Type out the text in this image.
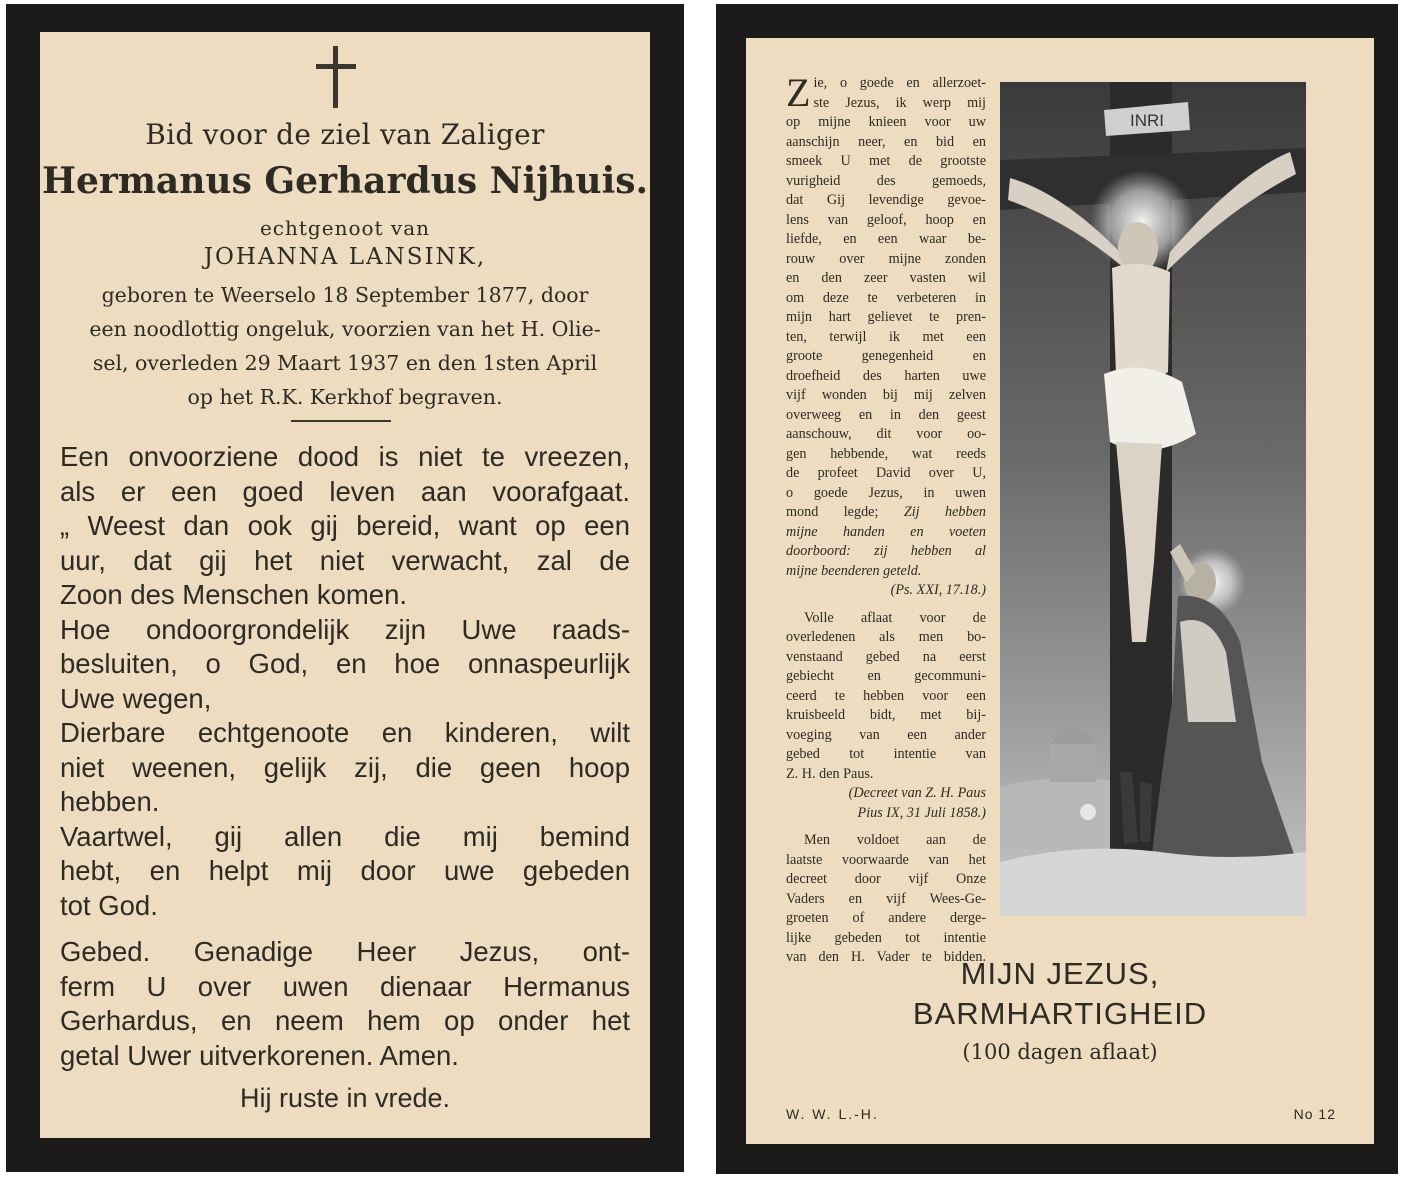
Bid voor de ziel van Zaliger
Hermanus Gerhardus Nijhuis.
echtgenoot van
JOHANNA LANSINK,
geboren te Weerselo 18 September 1877, door
een noodlottig ongeluk, voorzien van het H. Olie-
sel, overleden 29 Maart 1937 en den 1sten April
op het R.K. Kerkhof begraven.
Een onvoorziene dood is niet te vreezen,
als er een goed leven aan voorafgaat.
„ Weest dan ook gij bereid, want op een
uur, dat gij het niet verwacht, zal de
Zoon des Menschen komen.
Hoe ondoorgrondelijk zijn Uwe raads-
besluiten, o God, en hoe onnaspeurlijk
Uwe wegen,
Dierbare echtgenoote en kinderen, wilt
niet weenen, gelijk zij, die geen hoop
hebben.
Vaartwel, gij allen die mij bemind
hebt, en helpt mij door uwe gebeden
tot God.
Gebed. Genadige Heer Jezus, ont-
ferm U over uwen dienaar Hermanus
Gerhardus, en neem hem op onder het
getal Uwer uitverkorenen. Amen.
Hij ruste in vrede.
Z ie, o goede en allerzoet-
ste Jezus, ik werp mij
op mijne knieen voor uw
aanschijn neer, en bid en
smeek U met de grootste
vurigheid des gemoeds,
dat Gij levendige gevoe-
lens van geloof, hoop en
liefde, en een waar be-
rouw over mijne zonden
en den zeer vasten wil
om deze te verbeteren in
mijn hart gelievet te pren-
ten, terwijl ik met een
groote genegenheid en
droefheid des harten uwe
vijf wonden bij mij zelven
overweeg en in den geest
aanschouw, dit voor oo-
gen hebbende, wat reeds
de profeet David over U,
o goede Jezus, in uwen
mond legde; Zij hebben
mijne handen en voeten
doorboord: zij hebben al
mijne beenderen geteld.
(Ps. XXI, 17.18.)
Volle aflaat voor de
overledenen als men bo-
venstaand gebed na eerst
gebiecht en gecommuni-
ceerd te hebben voor een
kruisbeeld bidt, met bij-
voeging van een ander
gebed tot intentie van
Z. H. den Paus.
(Decreet van Z. H. Paus
Pius IX, 31 Juli 1858.)
Men voldoet aan de
laatste voorwaarde van het
decreet door vijf Onze
Vaders en vijf Wees-Ge-
groeten of andere derge-
lijke gebeden tot intentie
van den H. Vader te bidden.
INRI
MIJN JEZUS,
BARMHARTIGHEID
(100 dagen aflaat)
W. W. L.-H.	No 12
